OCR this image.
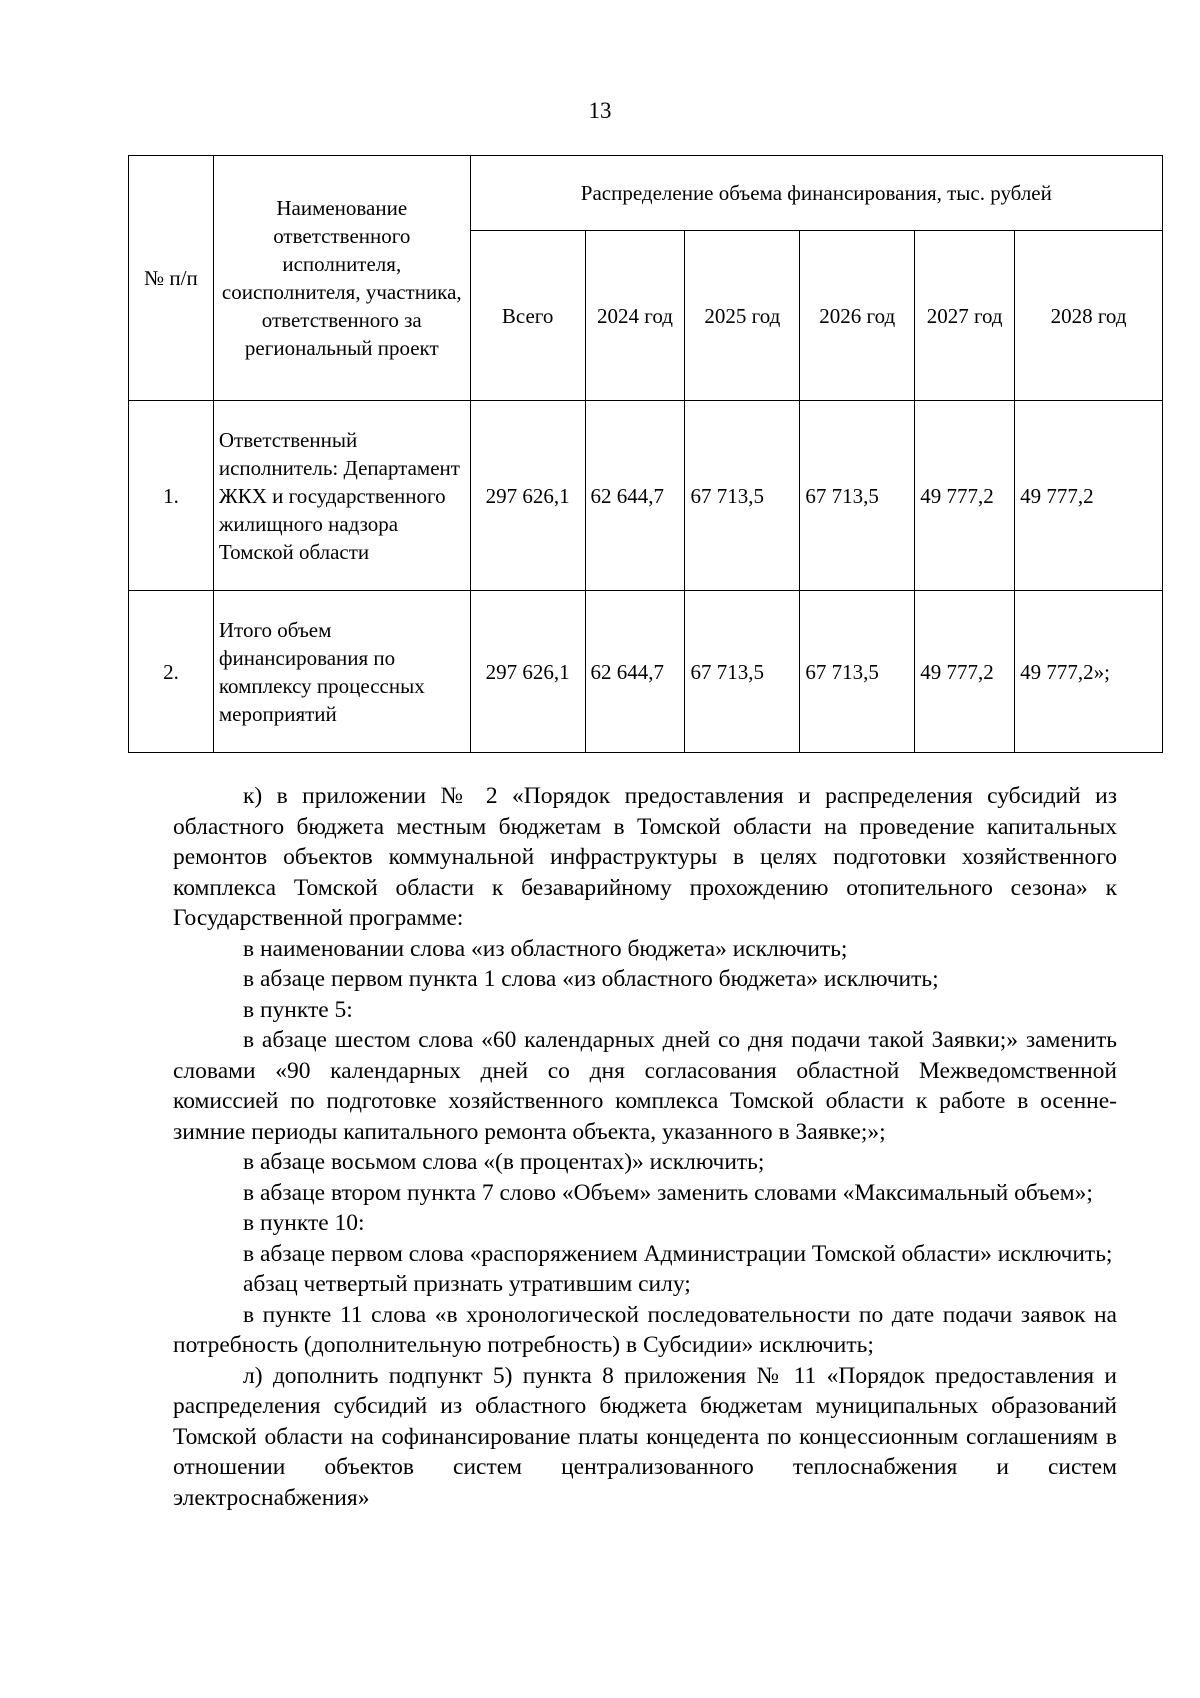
13
№ п/п	Наименование ответственного исполнителя, соисполнителя, участника, ответственного за региональный проект	Распределение объема финансирования, тыс. рублей					
		Всего	2024 год	2025 год	2026 год	2027 год	2028 год
1.	Ответственный исполнитель: Департамент ЖКХ и государственного жилищного надзора Томской области	297 626,1	62 644,7	67 713,5	67 713,5	49 777,2	49 777,2
2.	Итого объем финансирования по комплексу процессных мероприятий	297 626,1	62 644,7	67 713,5	67 713,5	49 777,2	49 777,2»;

к) в приложении № 2 «Порядок предоставления и распределения субсидий из областного бюджета местным бюджетам в Томской области на проведение капитальных ремонтов объектов коммунальной инфраструктуры в целях подготовки хозяйственного комплекса Томской области к безаварийному прохождению отопительного сезона» к Государственной программе:

в наименовании слова «из областного бюджета» исключить;

в абзаце первом пункта 1 слова «из областного бюджета» исключить;

в пункте 5:

в абзаце шестом слова «60 календарных дней со дня подачи такой Заявки;» заменить словами «90 календарных дней со дня согласования областной Межведомственной комиссией по подготовке хозяйственного комплекса Томской области к работе в осенне-зимние периоды капитального ремонта объекта, указанного в Заявке;»;

в абзаце восьмом слова «(в процентах)» исключить;

в абзаце втором пункта 7 слово «Объем» заменить словами «Максимальный объем»;

в пункте 10:

в абзаце первом слова «распоряжением Администрации Томской области» исключить;

абзац четвертый признать утратившим силу;

в пункте 11 слова «в хронологической последовательности по дате подачи заявок на потребность (дополнительную потребность) в Субсидии» исключить;

л) дополнить подпункт 5) пункта 8 приложения № 11 «Порядок предоставления и распределения субсидий из областного бюджета бюджетам муниципальных образований Томской области на софинансирование платы концедента по концессионным соглашениям в отношении объектов систем централизованного теплоснабжения и систем электроснабжения»
